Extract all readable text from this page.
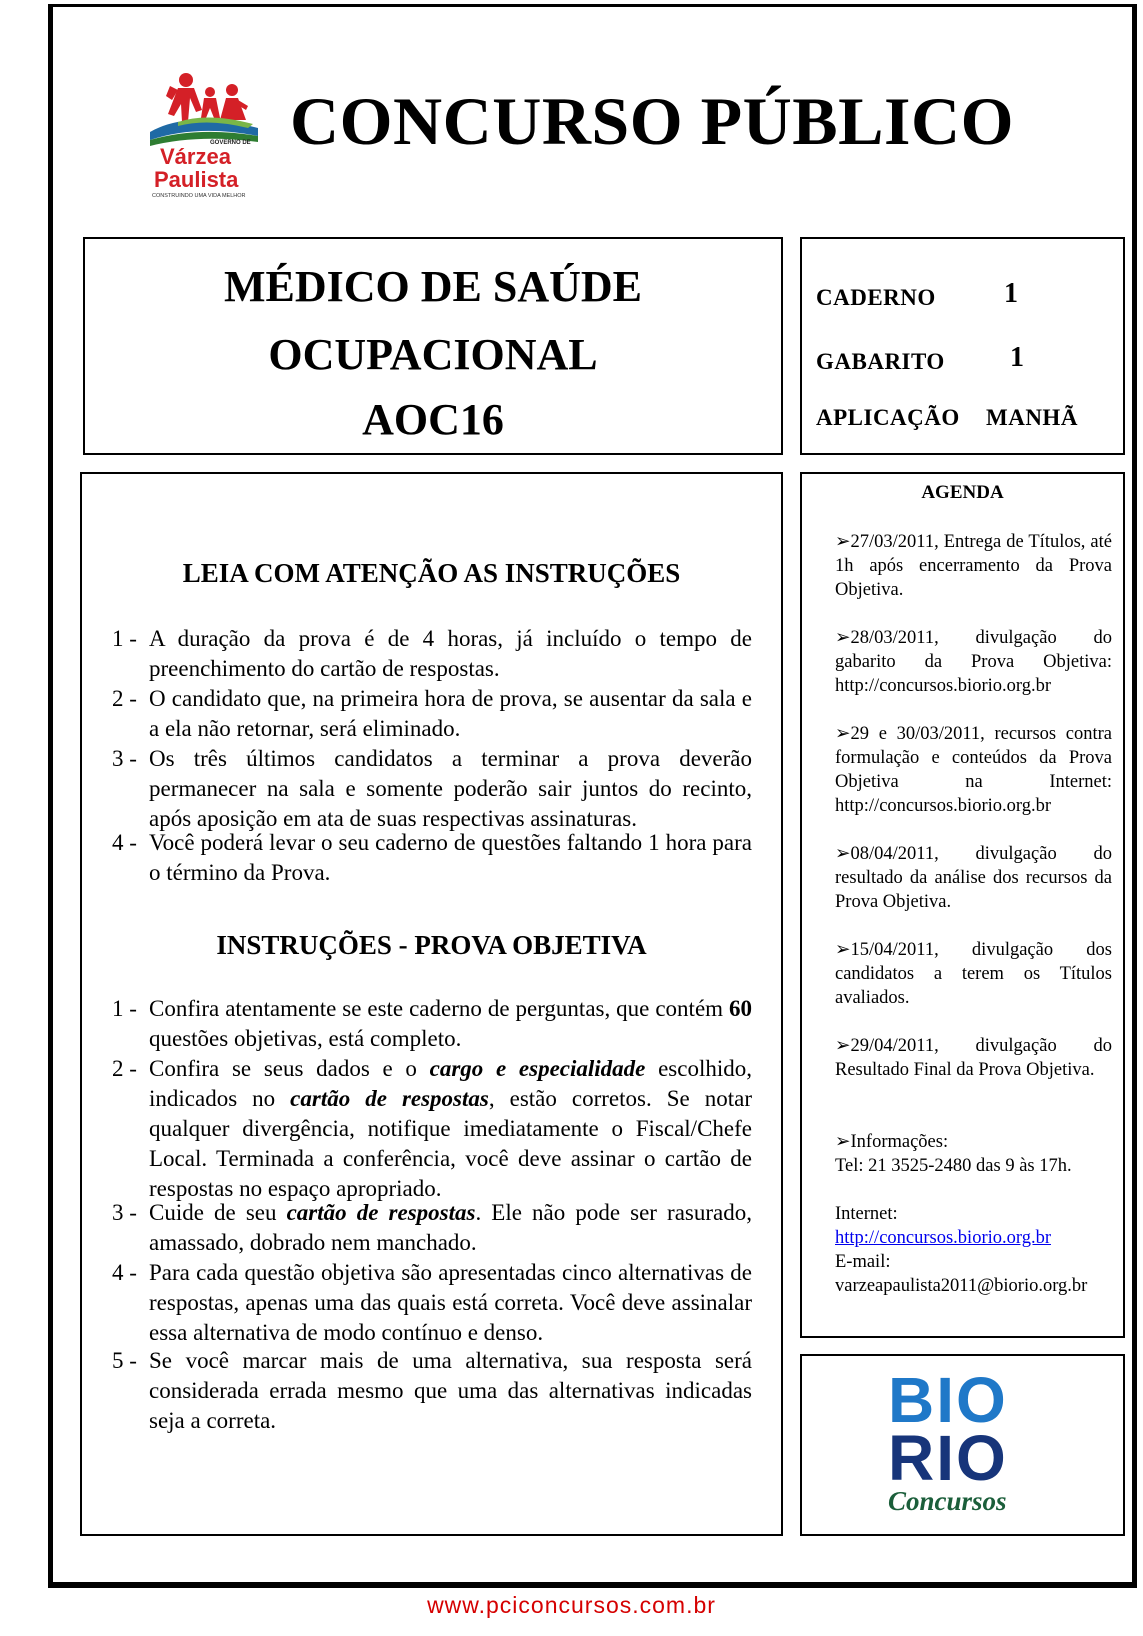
GOVERNO DE
Várzea
Paulista
CONSTRUINDO UMA VIDA MELHOR
CONCURSO PÚBLICO
MÉDICO DE SAÚDE
OCUPACIONAL
AOC16
CADERNO 1
GABARITO 1
APLICAÇÃO MANHÃ
LEIA COM ATENÇÃO AS INSTRUÇÕES
1 - A duração da prova é de 4 horas, já incluído o tempo de preenchimento do cartão de respostas.
2 - O candidato que, na primeira hora de prova, se ausentar da sala e a ela não retornar, será eliminado.
3 - Os três últimos candidatos a terminar a prova deverão permanecer na sala e somente poderão sair juntos do recinto, após aposição em ata de suas respectivas assinaturas.
4 - Você poderá levar o seu caderno de questões faltando 1 hora para o término da Prova.
INSTRUÇÕES - PROVA OBJETIVA
1 - Confira atentamente se este caderno de perguntas, que contém 60 questões objetivas, está completo.
2 - Confira se seus dados e o cargo e especialidade escolhido, indicados no cartão de respostas, estão corretos. Se notar qualquer divergência, notifique imediatamente o Fiscal/Chefe Local. Terminada a conferência, você deve assinar o cartão de respostas no espaço apropriado.
3 - Cuide de seu cartão de respostas. Ele não pode ser rasurado, amassado, dobrado nem manchado.
4 - Para cada questão objetiva são apresentadas cinco alternativas de respostas, apenas uma das quais está correta. Você deve assinalar essa alternativa de modo contínuo e denso.
5 - Se você marcar mais de uma alternativa, sua resposta será considerada errada mesmo que uma das alternativas indicadas seja a correta.
AGENDA
➢27/03/2011, Entrega de Títulos, até 1h após encerramento da Prova Objetiva.
➢28/03/2011, divulgação do gabarito da Prova Objetiva: http://concursos.biorio.org.br
➢29 e 30/03/2011, recursos contra formulação e conteúdos da Prova Objetiva na Internet: http://concursos.biorio.org.br
➢08/04/2011, divulgação do resultado da análise dos recursos da Prova Objetiva.
➢15/04/2011, divulgação dos candidatos a terem os Títulos avaliados.
➢29/04/2011, divulgação do Resultado Final da Prova Objetiva.
➢Informações:
Tel: 21 3525-2480 das 9 às 17h.
Internet:
http://concursos.biorio.org.br
E-mail:
varzeapaulista2011@biorio.org.br
BIO
RIO
Concursos
www.pciconcursos.com.br
